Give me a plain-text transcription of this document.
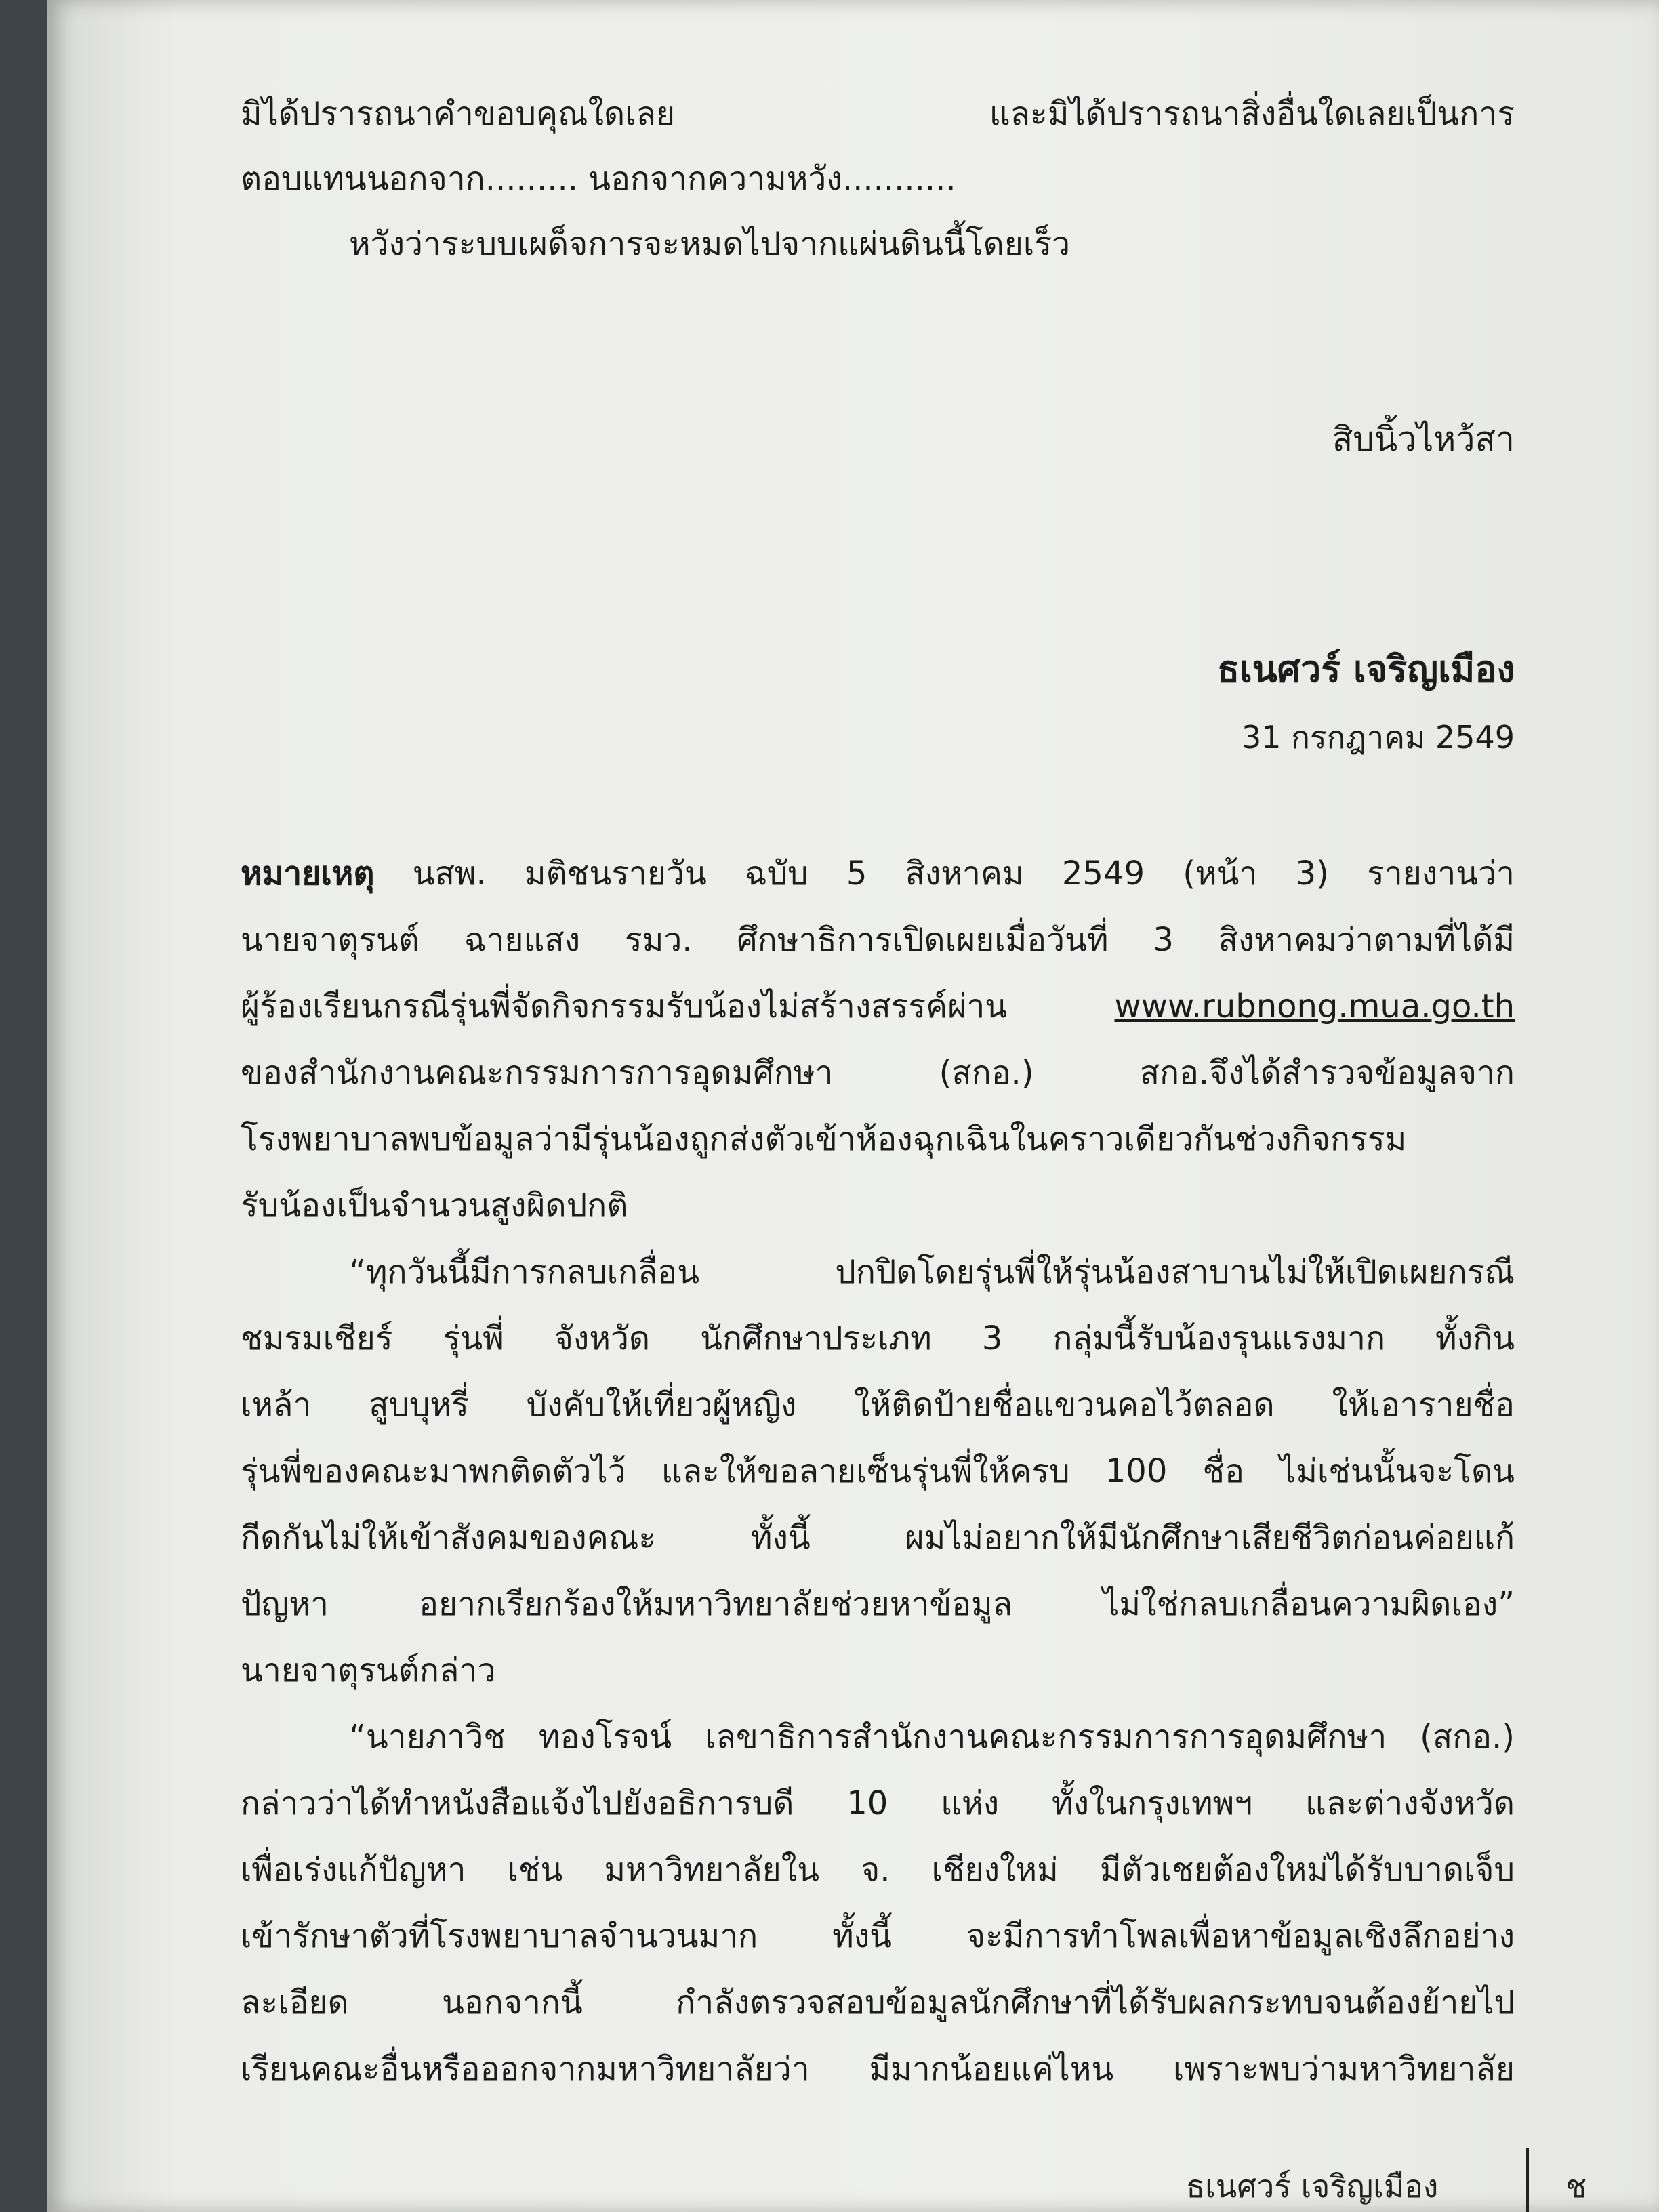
มิได้ปรารถนาคำขอบคุณใดเลย และมิได้ปรารถนาสิ่งอื่นใดเลยเป็นการ
ตอบแทนนอกจาก......... นอกจากความหวัง...........
หวังว่าระบบเผด็จการจะหมดไปจากแผ่นดินนี้โดยเร็ว
สิบนิ้วไหว้สา
ธเนศวร์ เจริญเมือง
31 กรกฎาคม 2549
หมายเหตุ นสพ. มติชนรายวัน ฉบับ 5 สิงหาคม 2549 (หน้า 3) รายงานว่า
นายจาตุรนต์ ฉายแสง รมว. ศึกษาธิการเปิดเผยเมื่อวันที่ 3 สิงหาคมว่าตามที่ได้มี
ผู้ร้องเรียนกรณีรุ่นพี่จัดกิจกรรมรับน้องไม่สร้างสรรค์ผ่าน www.rubnong.mua.go.th
ของสำนักงานคณะกรรมการการอุดมศึกษา (สกอ.) สกอ.จึงได้สำรวจข้อมูลจาก
โรงพยาบาลพบข้อมูลว่ามีรุ่นน้องถูกส่งตัวเข้าห้องฉุกเฉินในคราวเดียวกันช่วงกิจกรรม
รับน้องเป็นจำนวนสูงผิดปกติ
“ทุกวันนี้มีการกลบเกลื่อน ปกปิดโดยรุ่นพี่ให้รุ่นน้องสาบานไม่ให้เปิดเผยกรณี
ชมรมเชียร์ รุ่นพี่ จังหวัด นักศึกษาประเภท 3 กลุ่มนี้รับน้องรุนแรงมาก ทั้งกิน
เหล้า สูบบุหรี่ บังคับให้เที่ยวผู้หญิง ให้ติดป้ายชื่อแขวนคอไว้ตลอด ให้เอารายชื่อ
รุ่นพี่ของคณะมาพกติดตัวไว้ และให้ขอลายเซ็นรุ่นพี่ให้ครบ 100 ชื่อ ไม่เช่นนั้นจะโดน
กีดกันไม่ให้เข้าสังคมของคณะ ทั้งนี้ ผมไม่อยากให้มีนักศึกษาเสียชีวิตก่อนค่อยแก้
ปัญหา อยากเรียกร้องให้มหาวิทยาลัยช่วยหาข้อมูล ไม่ใช่กลบเกลื่อนความผิดเอง”
นายจาตุรนต์กล่าว
“นายภาวิช ทองโรจน์ เลขาธิการสำนักงานคณะกรรมการการอุดมศึกษา (สกอ.)
กล่าวว่าได้ทำหนังสือแจ้งไปยังอธิการบดี 10 แห่ง ทั้งในกรุงเทพฯ และต่างจังหวัด
เพื่อเร่งแก้ปัญหา เช่น มหาวิทยาลัยใน จ. เชียงใหม่ มีตัวเชยต้องใหม่ได้รับบาดเจ็บ
เข้ารักษาตัวที่โรงพยาบาลจำนวนมาก ทั้งนี้ จะมีการทำโพลเพื่อหาข้อมูลเชิงลึกอย่าง
ละเอียด นอกจากนี้ กำลังตรวจสอบข้อมูลนักศึกษาที่ได้รับผลกระทบจนต้องย้ายไป
เรียนคณะอื่นหรือออกจากมหาวิทยาลัยว่า มีมากน้อยแค่ไหน เพราะพบว่ามหาวิทยาลัย
ธเนศวร์ เจริญเมือง	ช
